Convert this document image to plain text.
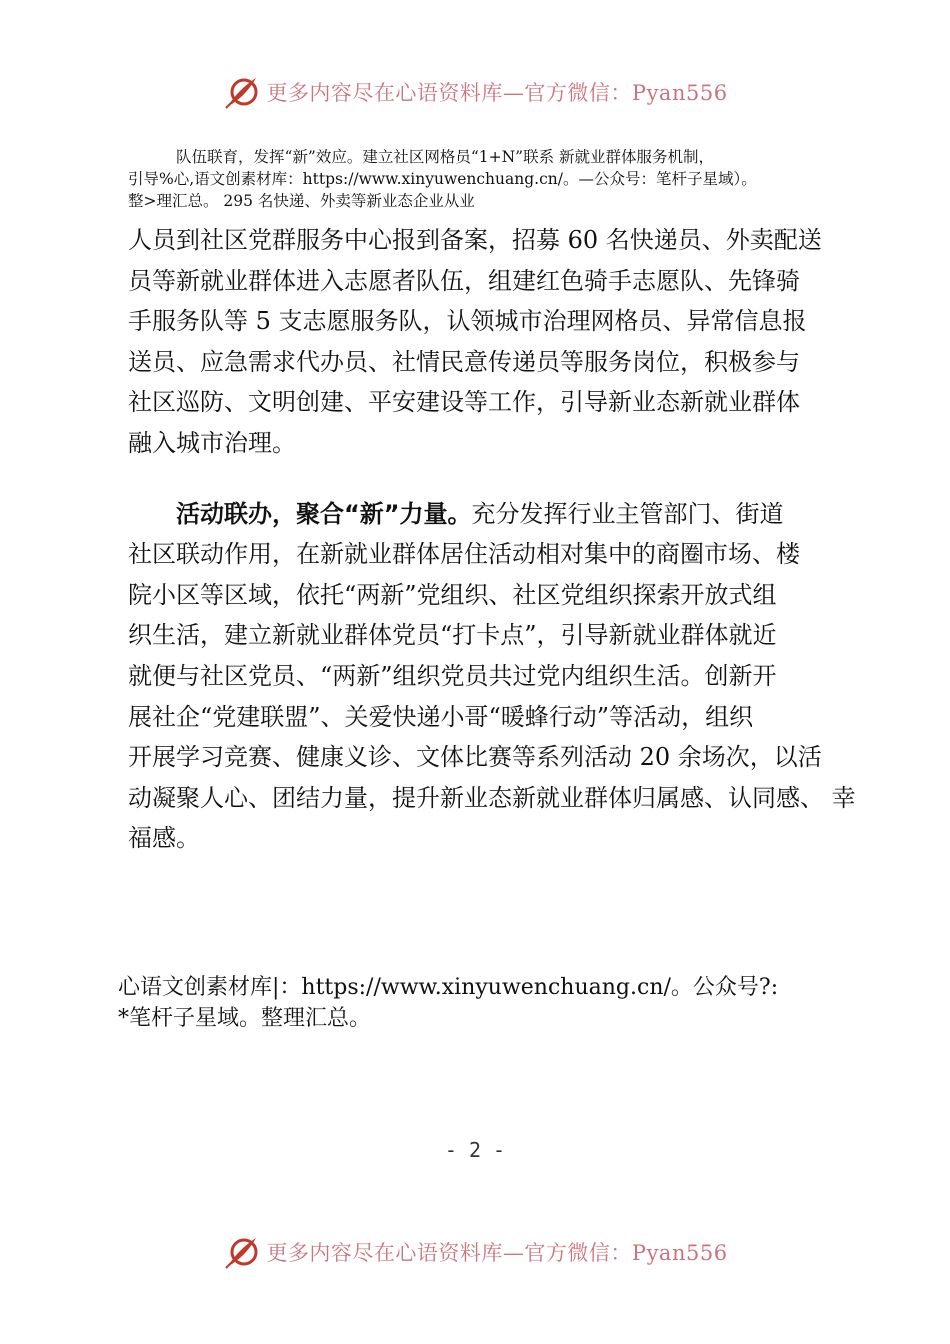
更多内容尽在心语资料库—官方微信：Pyan556

队伍联育，发挥“新”效应。建立社区网格员“1+N”联系 新就业群体服务机制，

引导%心,语文创素材库：https://www.xinyuwenchuang.cn/。—公众号：笔杆子星域）。

整>理汇总。 295 名快递、外卖等新业态企业从业

人员到社区党群服务中心报到备案，招募 60 名快递员、外卖配送
员等新就业群体进入志愿者队伍，组建红色骑手志愿队、先锋骑
手服务队等 5 支志愿服务队，认领城市治理网格员、异常信息报
送员、应急需求代办员、社情民意传递员等服务岗位，积极参与
社区巡防、文明创建、平安建设等工作，引导新业态新就业群体
融入城市治理。

活动联办，聚合“新”力量。充分发挥行业主管部门、街道
社区联动作用，在新就业群体居住活动相对集中的商圈市场、楼
院小区等区域，依托“两新”党组织、社区党组织探索开放式组
织生活，建立新就业群体党员“打卡点”，引导新就业群体就近
就便与社区党员、“两新”组织党员共过党内组织生活。创新开
展社企“党建联盟”、关爱快递小哥“暖蜂行动”等活动，组织
开展学习竞赛、健康义诊、文体比赛等系列活动 20 余场次，以活
动凝聚人心、团结力量，提升新业态新就业群体归属感、认同感、 幸
福感。

心语文创素材库|：https://www.xinyuwenchuang.cn/。公众号?:

*笔杆子星域。整理汇总。

- 2 -
更多内容尽在心语资料库—官方微信：Pyan556
